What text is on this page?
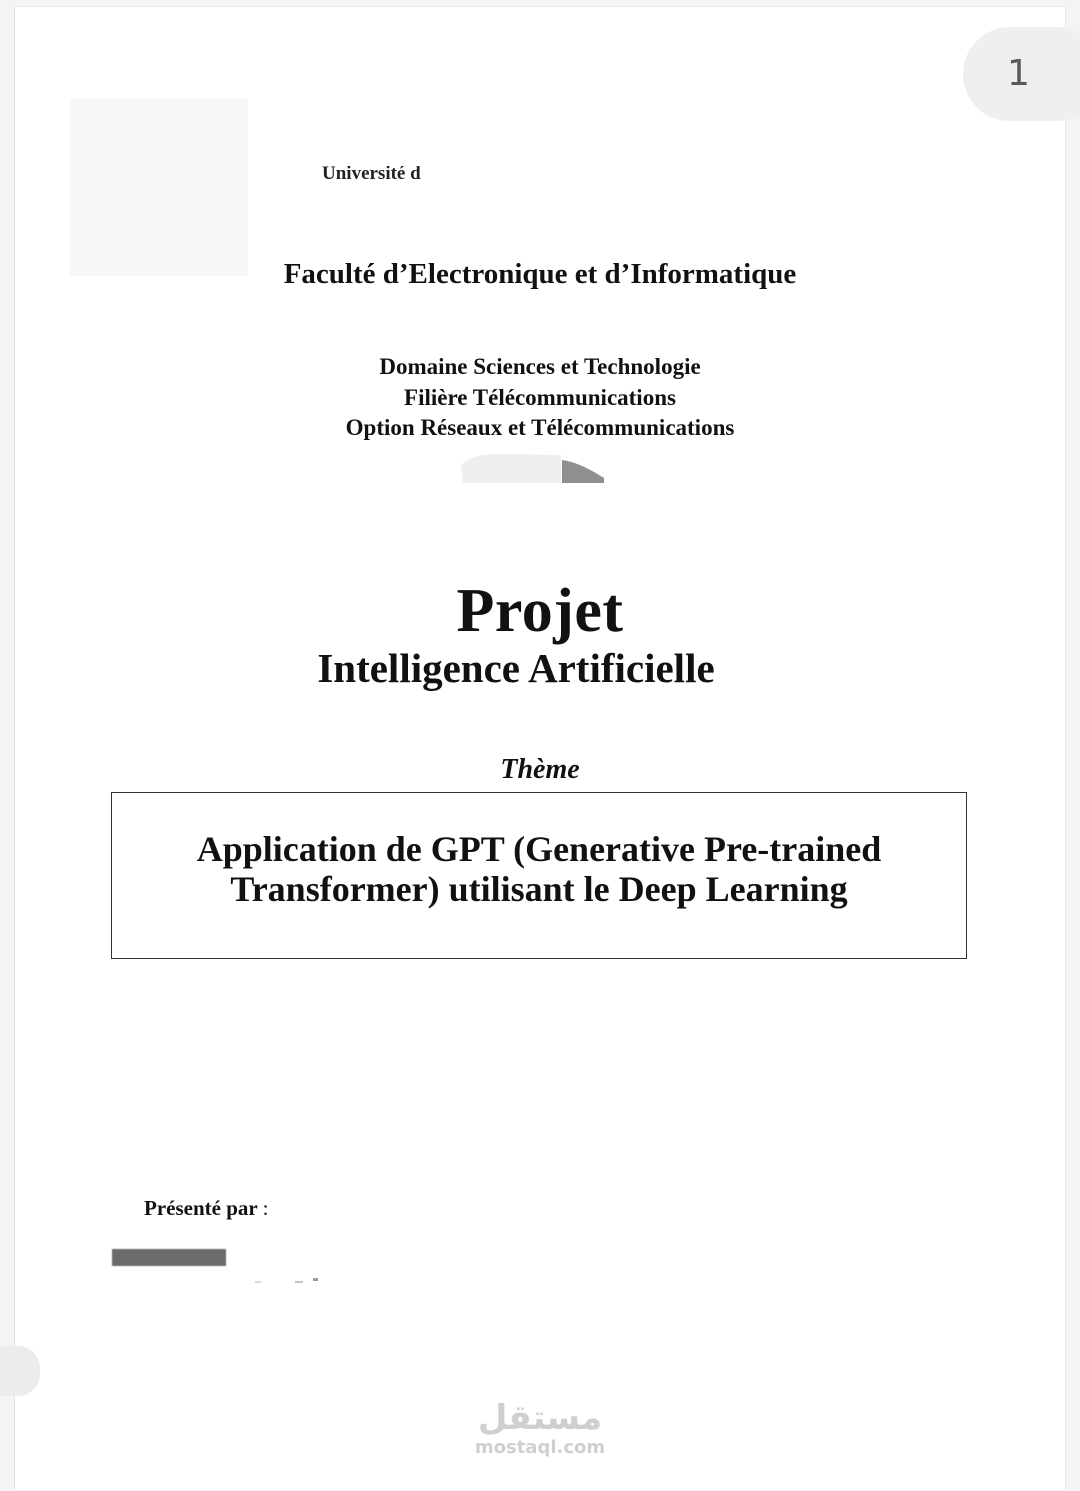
1
Université d
Faculté d’Electronique et d’Informatique
Domaine Sciences et Technologie
Filière Télécommunications
Option Réseaux et Télécommunications
Projet
Intelligence Artificielle
Thème
Application de GPT (Generative Pre-trained
Transformer) utilisant le Deep Learning
Présenté par :
مستقل
mostaql.com
